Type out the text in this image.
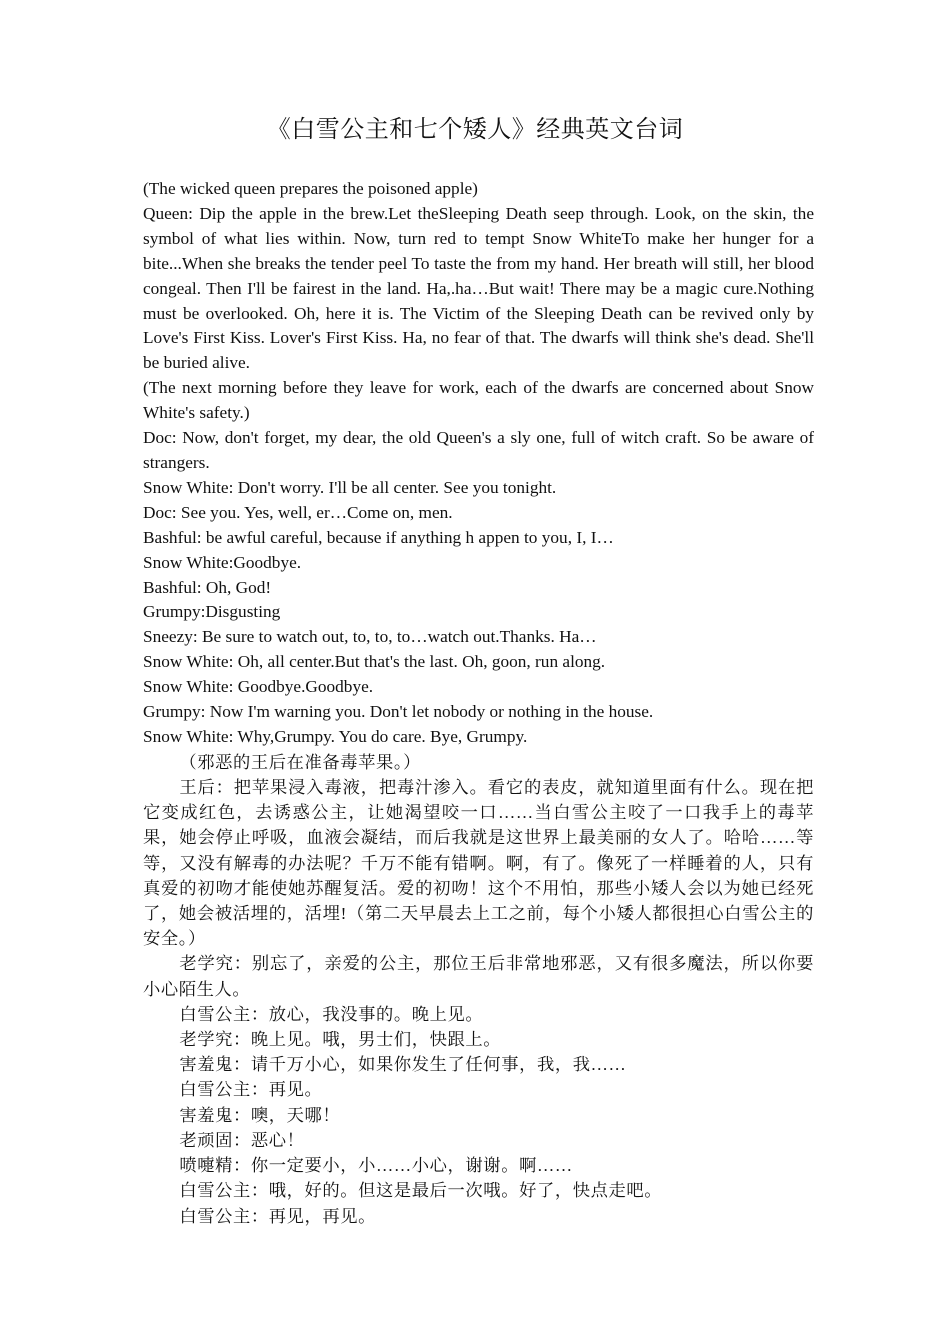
《白雪公主和七个矮人》经典英文台词

(The wicked queen prepares the poisoned apple)

Queen: Dip the apple in the brew.Let theSleeping Death seep through. Look, on the skin, the symbol of what lies within. Now, turn red to tempt Snow WhiteTo make her hunger for a bite...When she breaks the tender peel To taste the from my hand. Her breath will still, her blood congeal. Then I'll be fairest in the land. Ha,.ha…But wait! There may be a magic cure.Nothing must be overlooked. Oh, here it is. The Victim of the Sleeping Death can be revived only by Love's First Kiss. Lover's First Kiss. Ha, no fear of that. The dwarfs will think she's dead. She'll be buried alive.

(The next morning before they leave for work, each of the dwarfs are concerned about Snow White's safety.)

Doc: Now, don't forget, my dear, the old Queen's a sly one, full of witch craft. So be aware of strangers.

Snow White: Don't worry. I'll be all center. See you tonight.

Doc: See you. Yes, well, er…Come on, men.

Bashful: be awful careful, because if anything h appen to you, I, I…

Snow White:Goodbye.

Bashful: Oh, God!

Grumpy:Disgusting

Sneezy: Be sure to watch out, to, to, to…watch out.Thanks. Ha…

Snow White: Oh, all center.But that's the last. Oh, goon, run along.

Snow White: Goodbye.Goodbye.

Grumpy: Now I'm warning you. Don't let nobody or nothing in the house.

Snow White: Why,Grumpy. You do care. Bye, Grumpy.

（邪恶的王后在准备毒苹果。）

王后：把苹果浸入毒液，把毒汁渗入。看它的表皮，就知道里面有什么。现在把它变成红色，去诱惑公主，让她渴望咬一口……当白雪公主咬了一口我手上的毒苹果，她会停止呼吸，血液会凝结，而后我就是这世界上最美丽的女人了。哈哈……等等，又没有解毒的办法呢？千万不能有错啊。啊，有了。像死了一样睡着的人，只有真爱的初吻才能使她苏醒复活。爱的初吻！这个不用怕，那些小矮人会以为她已经死了，她会被活埋的，活埋!（第二天早晨去上工之前，每个小矮人都很担心白雪公主的安全。）

老学究：别忘了，亲爱的公主，那位王后非常地邪恶，又有很多魔法，所以你要小心陌生人。

白雪公主：放心，我没事的。晚上见。

老学究：晚上见。哦，男士们，快跟上。

害羞鬼：请千万小心，如果你发生了任何事，我，我……

白雪公主：再见。

害羞鬼：噢，天哪！

老顽固：恶心！

喷嚏精：你一定要小，小……小心，谢谢。啊……

白雪公主：哦，好的。但这是最后一次哦。好了，快点走吧。

白雪公主：再见，再见。
